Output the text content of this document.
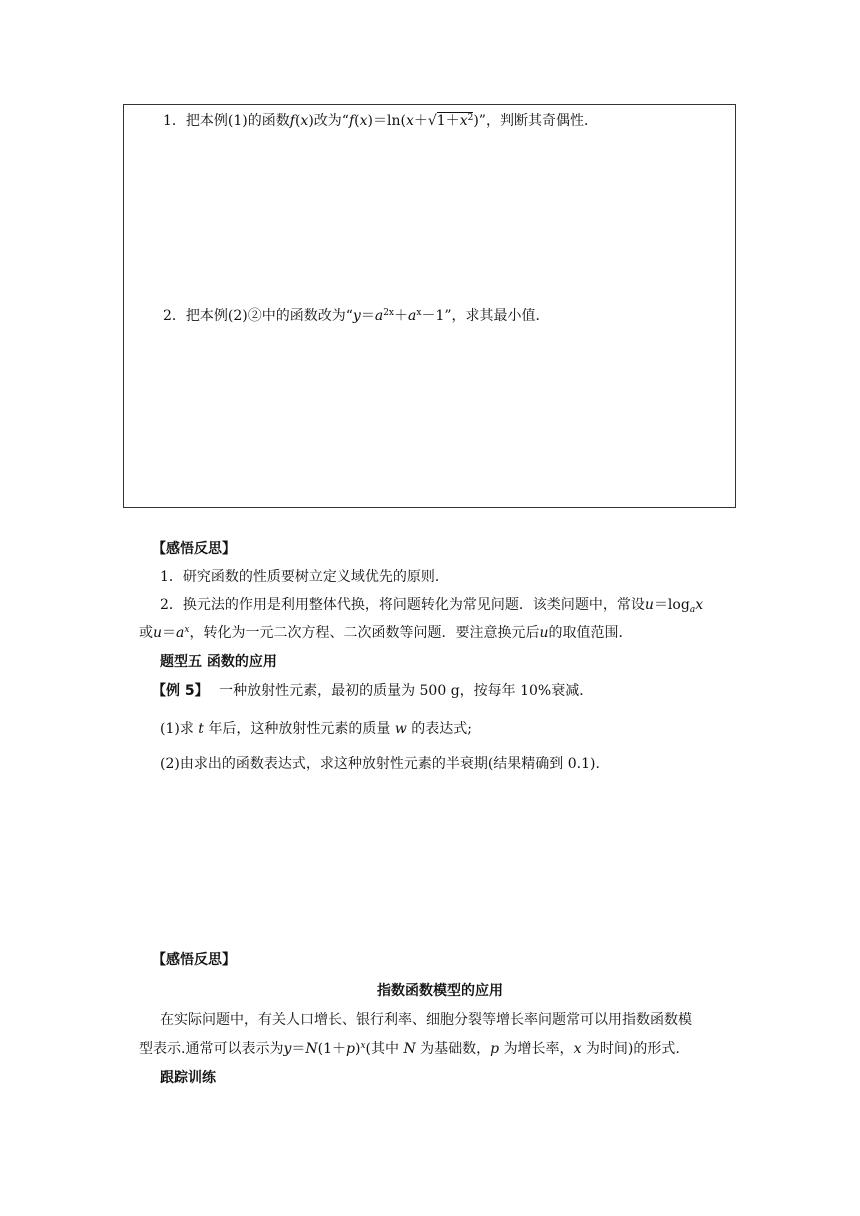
1．把本例(1)的函数f(x)改为“$f(x)=\ln(x+√1+x^2)$”，判断其奇偶性．
2．把本例(2)②中的函数改为“$y=a^{2x}+a^x-1$”，求其最小值．
【感悟反思】
1．研究函数的性质要树立定义域优先的原则．
2．换元法的作用是利用整体代换，将问题转化为常见问题．该类问题中，常设$u=\log_ax$
或$u=a^x$，转化为一元二次方程、二次函数等问题．要注意换元后u的取值范围．
题型五 函数的应用
【例 5】 一种放射性元素，最初的质量为 500 g，按每年 10%衰减．
(1)求 t 年后，这种放射性元素的质量 w 的表达式;
(2)由求出的函数表达式，求这种放射性元素的半衰期(结果精确到 0.1).
【感悟反思】
指数函数模型的应用
在实际问题中，有关人口增长、银行利率、细胞分裂等增长率问题常可以用指数函数模
型表示.通常可以表示为$y=N(1+p)^x$(其中 N 为基础数，p 为增长率，x 为时间)的形式.
跟踪训练
